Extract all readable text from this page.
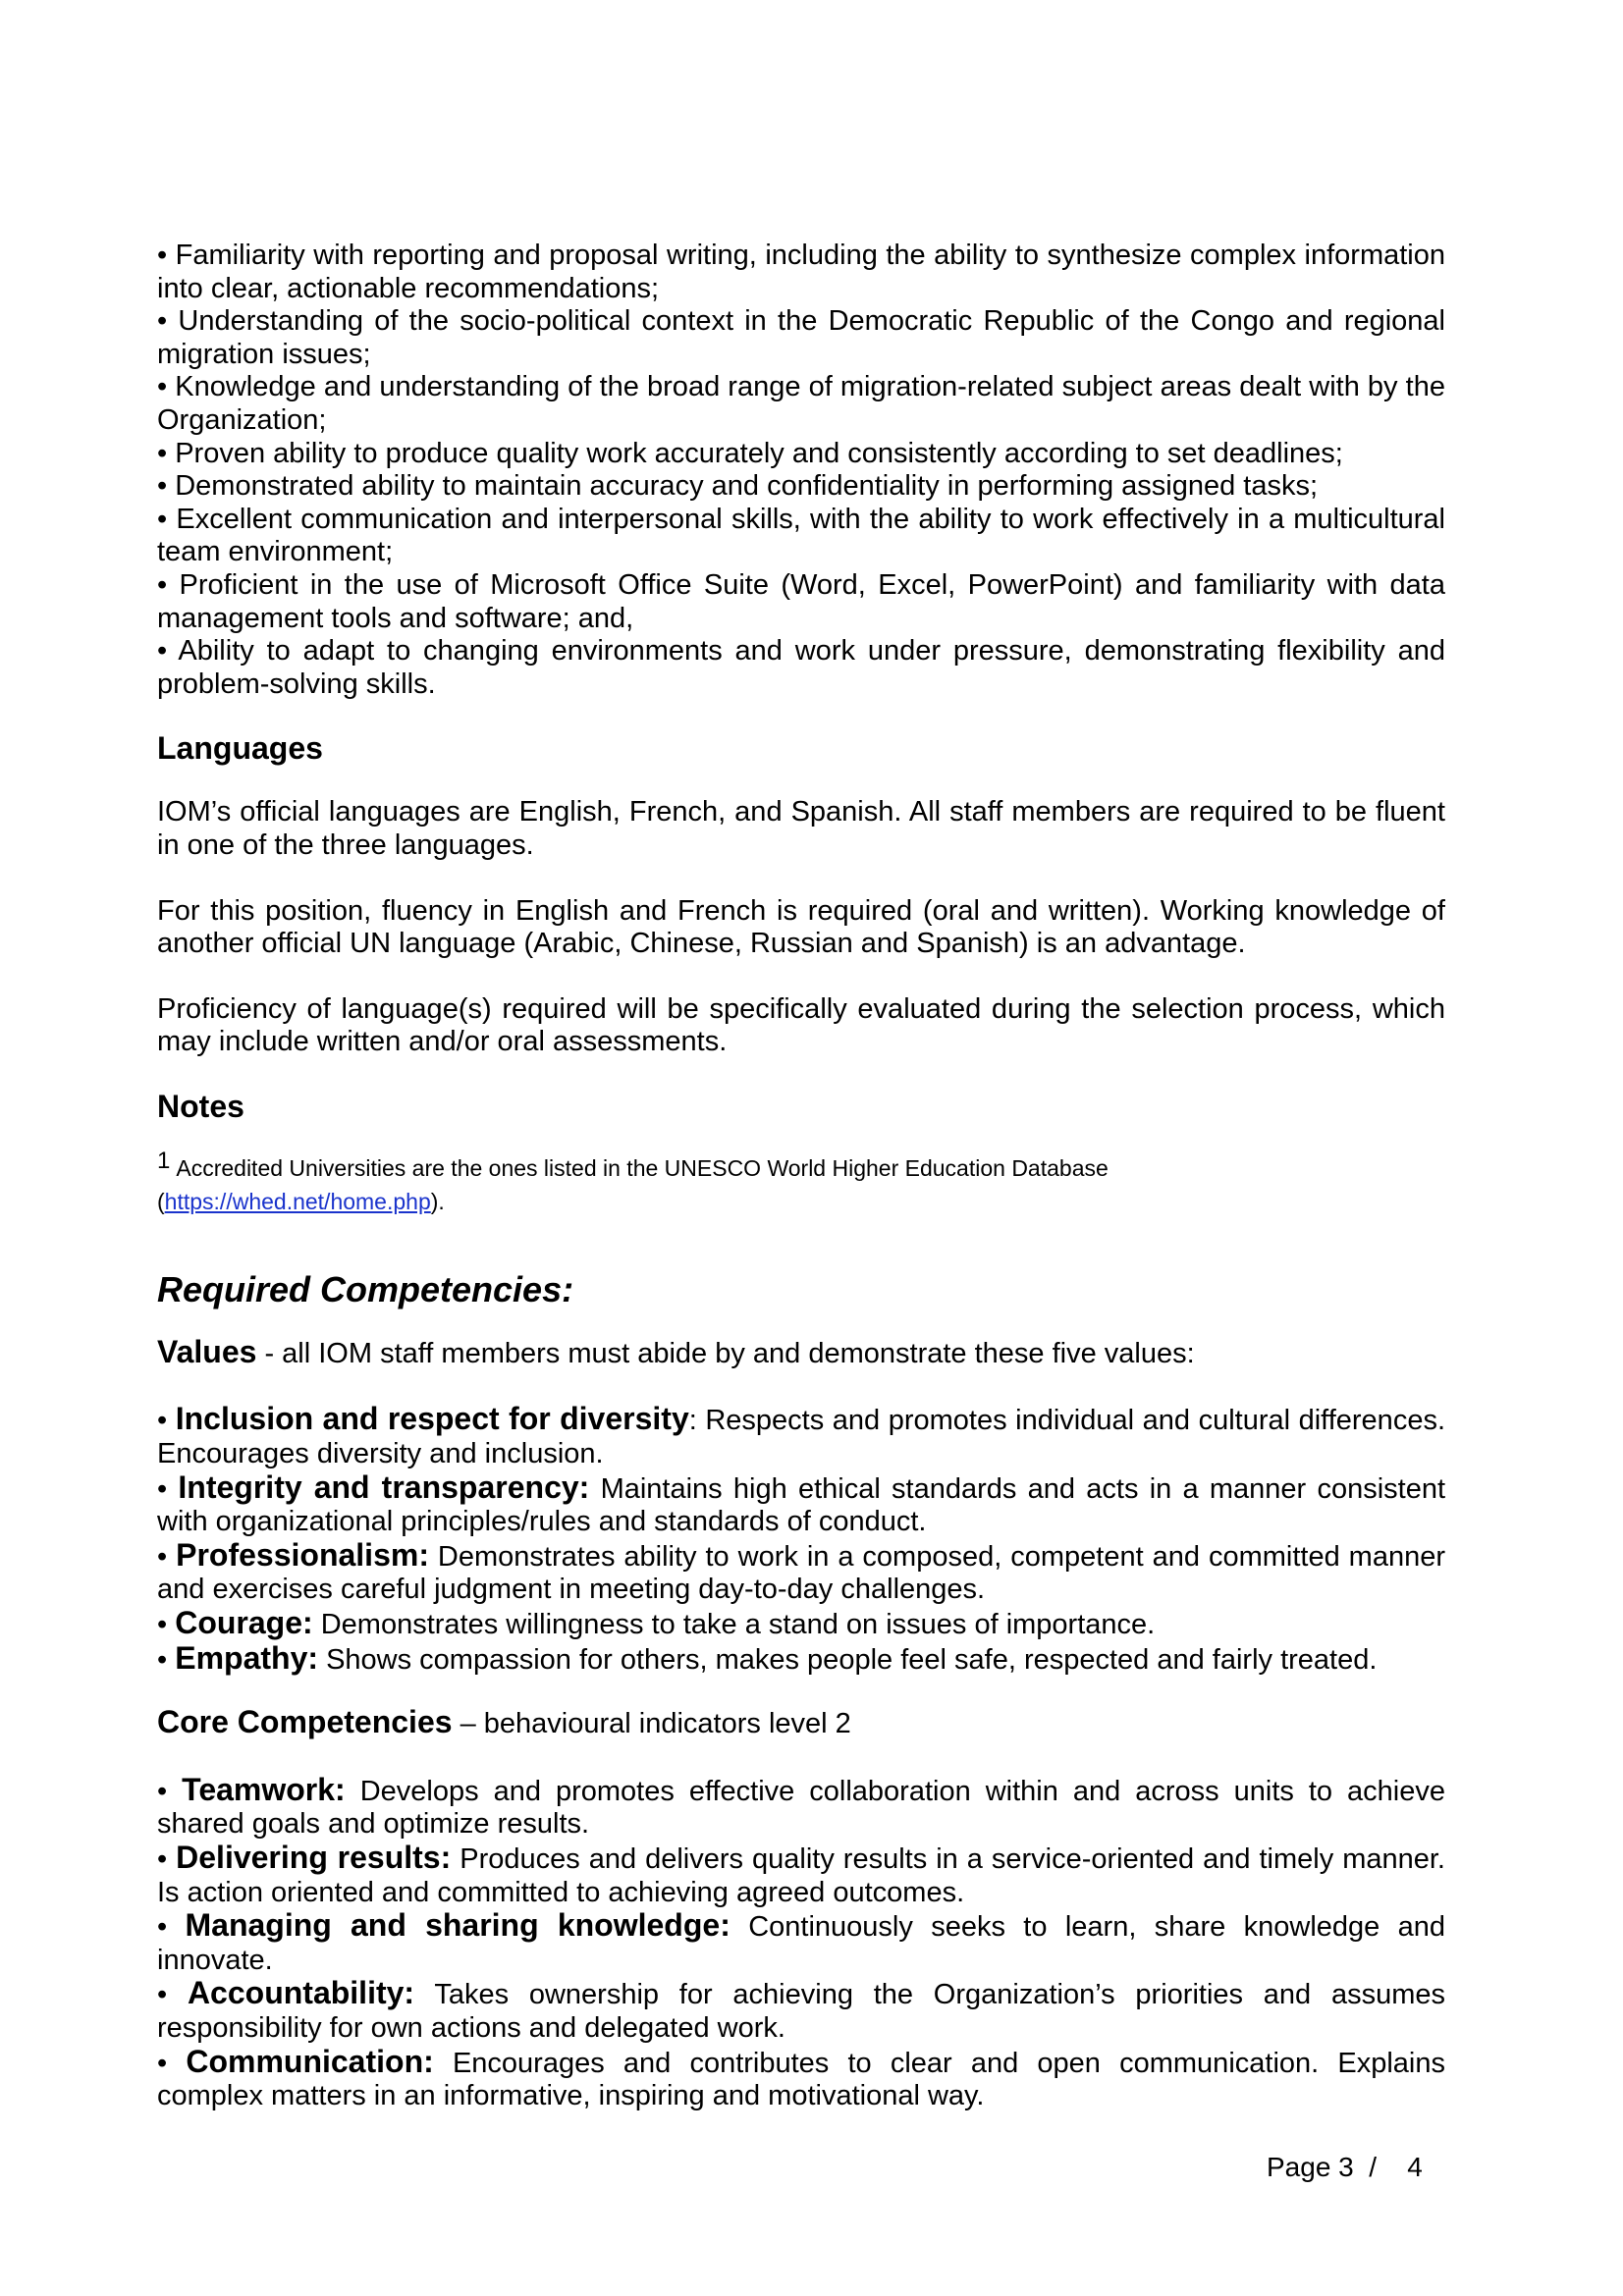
• Familiarity with reporting and proposal writing, including the ability to synthesize complex information into clear, actionable recommendations;

• Understanding of the socio-political context in the Democratic Republic of the Congo and regional migration issues;

• Knowledge and understanding of the broad range of migration-related subject areas dealt with by the Organization;

• Proven ability to produce quality work accurately and consistently according to set deadlines;

• Demonstrated ability to maintain accuracy and confidentiality in performing assigned tasks;

• Excellent communication and interpersonal skills, with the ability to work effectively in a multicultural team environment;

• Proficient in the use of Microsoft Office Suite (Word, Excel, PowerPoint) and familiarity with data management tools and software; and,

• Ability to adapt to changing environments and work under pressure, demonstrating flexibility and problem-solving skills.

Languages

IOM’s official languages are English, French, and Spanish. All staff members are required to be fluent in one of the three languages.

For this position, fluency in English and French is required (oral and written). Working knowledge of another official UN language (Arabic, Chinese, Russian and Spanish) is an advantage.

Proficiency of language(s) required will be specifically evaluated during the selection process, which may include written and/or oral assessments.

Notes

$^1$ Accredited Universities are the ones listed in the UNESCO World Higher Education Database
(https://whed.net/home.php).

Required Competencies:

Values - all IOM staff members must abide by and demonstrate these five values:

• Inclusion and respect for diversity: Respects and promotes individual and cultural differences. Encourages diversity and inclusion.

• Integrity and transparency: Maintains high ethical standards and acts in a manner consistent with organizational principles/rules and standards of conduct.

• Professionalism: Demonstrates ability to work in a composed, competent and committed manner and exercises careful judgment in meeting day-to-day challenges.

• Courage: Demonstrates willingness to take a stand on issues of importance.

• Empathy: Shows compassion for others, makes people feel safe, respected and fairly treated.

Core Competencies – behavioural indicators level 2

• Teamwork: Develops and promotes effective collaboration within and across units to achieve shared goals and optimize results.

• Delivering results: Produces and delivers quality results in a service-oriented and timely manner. Is action oriented and committed to achieving agreed outcomes.

• Managing and sharing knowledge: Continuously seeks to learn, share knowledge and innovate.

• Accountability: Takes ownership for achieving the Organization’s priorities and assumes responsibility for own actions and delegated work.

• Communication: Encourages and contributes to clear and open communication. Explains complex matters in an informative, inspiring and motivational way.

Page 3  /    4
